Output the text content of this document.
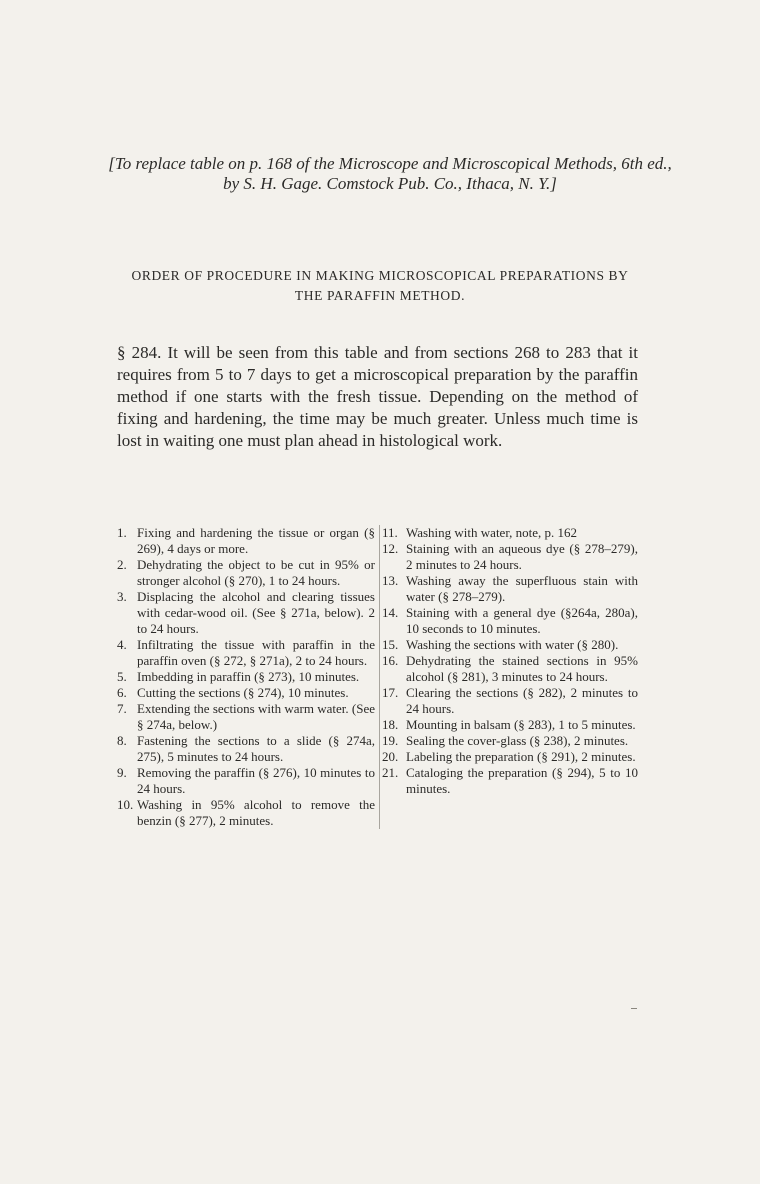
[To replace table on p. 168 of the Microscope and Microscopical Methods, 6th ed.,
by S. H. Gage. Comstock Pub. Co., Ithaca, N. Y.]
ORDER OF PROCEDURE IN MAKING MICROSCOPICAL PREPARATIONS BY
THE PARAFFIN METHOD.

§ 284. It will be seen from this table and from sections 268 to 283 that it requires from 5 to 7 days to get a microscopical preparation by the paraffin method if one starts with the fresh tissue. Depending on the method of fixing and hardening, the time may be much greater. Unless much time is lost in waiting one must plan ahead in histological work.

1. Fixing and hardening the tissue or organ (§ 269), 4 days or more.
2. Dehydrating the object to be cut in 95% or stronger alcohol (§ 270), 1 to 24 hours.
3. Displacing the alcohol and clearing tissues with cedar-wood oil. (See § 271a, below). 2 to 24 hours.
4. Infiltrating the tissue with paraffin in the paraffin oven (§ 272, § 271a), 2 to 24 hours.
5. Imbedding in paraffin (§ 273), 10 minutes.
6. Cutting the sections (§ 274), 10 minutes.
7. Extending the sections with warm water. (See § 274a, below.)
8. Fastening the sections to a slide (§ 274a, 275), 5 minutes to 24 hours.
9. Removing the paraffin (§ 276), 10 minutes to 24 hours.
10. Washing in 95% alcohol to remove the benzin (§ 277), 2 minutes.
11. Washing with water, note, p. 162
12. Staining with an aqueous dye (§ 278–279), 2 minutes to 24 hours.
13. Washing away the superfluous stain with water (§ 278–279).
14. Staining with a general dye (§264a, 280a), 10 seconds to 10 minutes.
15. Washing the sections with water (§ 280).
16. Dehydrating the stained sections in 95% alcohol (§ 281), 3 minutes to 24 hours.
17. Clearing the sections (§ 282), 2 minutes to 24 hours.
18. Mounting in balsam (§ 283), 1 to 5 minutes.
19. Sealing the cover-glass (§ 238), 2 minutes.
20. Labeling the preparation (§ 291), 2 minutes.
21. Cataloging the preparation (§ 294), 5 to 10 minutes.
